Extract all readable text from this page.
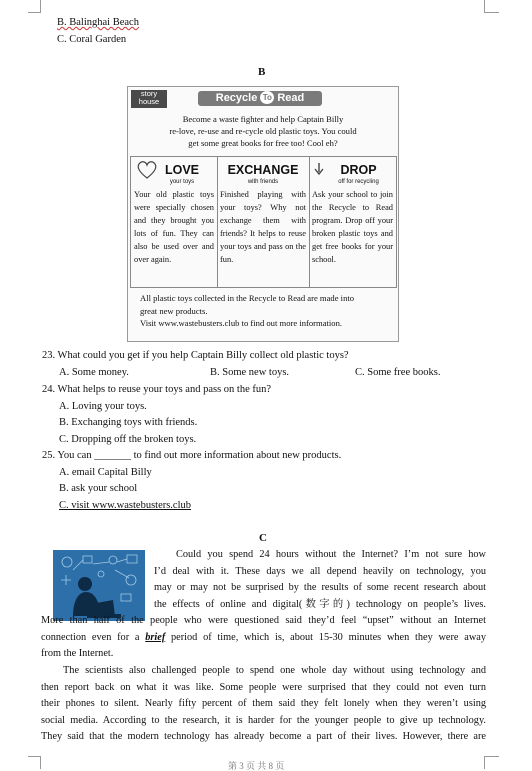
B. Balinghai Beach
C. Coral Garden
B
story house	Recycle To Read
Become a waste fighter and help Captain Billy
re-love, re-use and re-cycle old plastic toys. You could
get some great books for free too! Cool eh?
LOVE
your toys
Your old plastic toys were specially chosen and they brought you lots of fun. They can also be used over and over again.
EXCHANGE
with friends
Finished playing with your toys? Why not exchange them with friends? It helps to reuse your toys and pass on the fun.
DROP
off for recycling
Ask your school to join the Recycle to Read program. Drop off your broken plastic toys and get free books for your school.
All plastic toys collected in the Recycle to Read are made into
great new products.
Visit www.wastebusters.club to find out more information.
23. What could you get if you help Captain Billy collect old plastic toys?
A. Some money.	B. Some new toys.	C. Some free books.
24. What helps to reuse your toys and pass on the fun?
A. Loving your toys.
B. Exchanging toys with friends.
C. Dropping off the broken toys.
25. You can _______ to find out more information about new products.
A. email Capital Billy
B. ask your school
C. visit www.wastebusters.club
C
Could you spend 24 hours without the Internet? I’m not sure how
I’d deal with it. These days we all depend heavily on technology, you
may or may not be surprised by the results of some recent research about
the effects of online and digital(数字的) technology on people’s lives.
More than half of the people who were questioned said they’d feel “upset” without an Internet
connection even for a brief period of time, which is, about 15-30 minutes when they were away
from the Internet.
The scientists also challenged people to spend one whole day without using technology and
then report back on what it was like. Some people were surprised that they could not even turn
their phones to silent. Nearly fifty percent of them said they felt lonely when they weren’t using
social media. According to the research, it is harder for the younger people to give up technology.
They said that the modern technology has already become a part of their lives. However, there are
第 3 页 共 8 页
